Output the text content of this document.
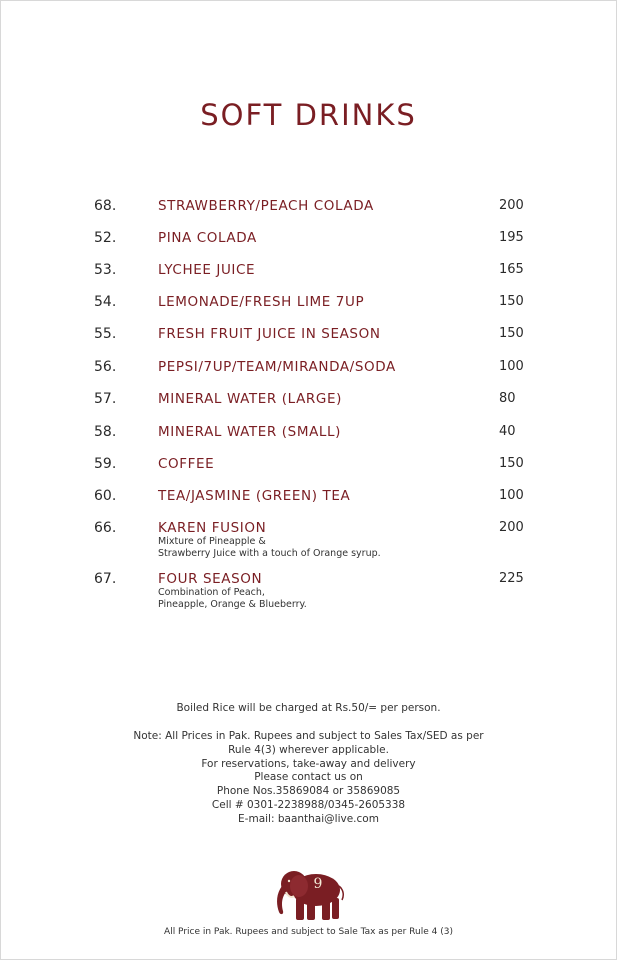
SOFT DRINKS
68.	STRAWBERRY/PEACH COLADA	200
52.	PINA COLADA	195
53.	LYCHEE JUICE	165
54.	LEMONADE/FRESH LIME 7UP	150
55.	FRESH FRUIT JUICE IN SEASON	150
56.	PEPSI/7UP/TEAM/MIRANDA/SODA	100
57.	MINERAL WATER (LARGE)	80
58.	MINERAL WATER (SMALL)	40
59.	COFFEE	150
60.	TEA/JASMINE (GREEN) TEA	100
66.	KAREN FUSION	200
Mixture of Pineapple &
Strawberry Juice with a touch of Orange syrup.
67.	FOUR SEASON	225
Combination of Peach,
Pineapple, Orange & Blueberry.
Boiled Rice will be charged at Rs.50/= per person.
Note: All Prices in Pak. Rupees and subject to Sales Tax/SED as per
Rule 4(3) wherever applicable.
For reservations, take-away and delivery
Please contact us on
Phone Nos.35869084 or 35869085
Cell # 0301-2238988/0345-2605338
E-mail: baanthai@live.com
9
All Price in Pak. Rupees and subject to Sale Tax as per Rule 4 (3)
